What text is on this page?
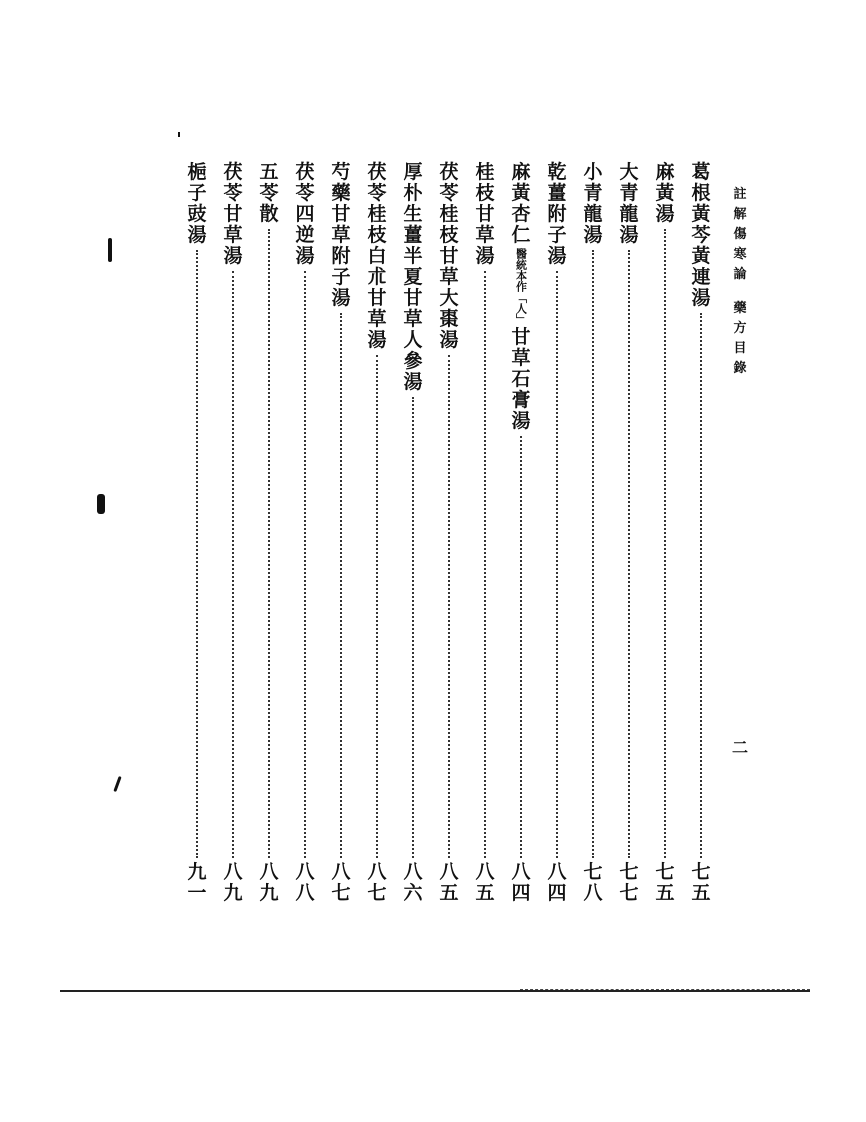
註解傷寒論
藥方目錄
二
葛
根
黃
芩
黃
連
湯
七
五
麻
黃
湯
七
五
大
青
龍
湯
七
七
小
青
龍
湯
七
八
乾
薑
附
子
湯
八
四
麻
黃
杏
仁
醫統本作「人」
甘
草
石
膏
湯
八
四
桂
枝
甘
草
湯
八
五
茯
苓
桂
枝
甘
草
大
棗
湯
八
五
厚
朴
生
薑
半
夏
甘
草
人
參
湯
八
六
茯
苓
桂
枝
白
朮
甘
草
湯
八
七
芍
藥
甘
草
附
子
湯
八
七
茯
苓
四
逆
湯
八
八
五
苓
散
八
九
茯
苓
甘
草
湯
八
九
梔
子
豉
湯
九
一
